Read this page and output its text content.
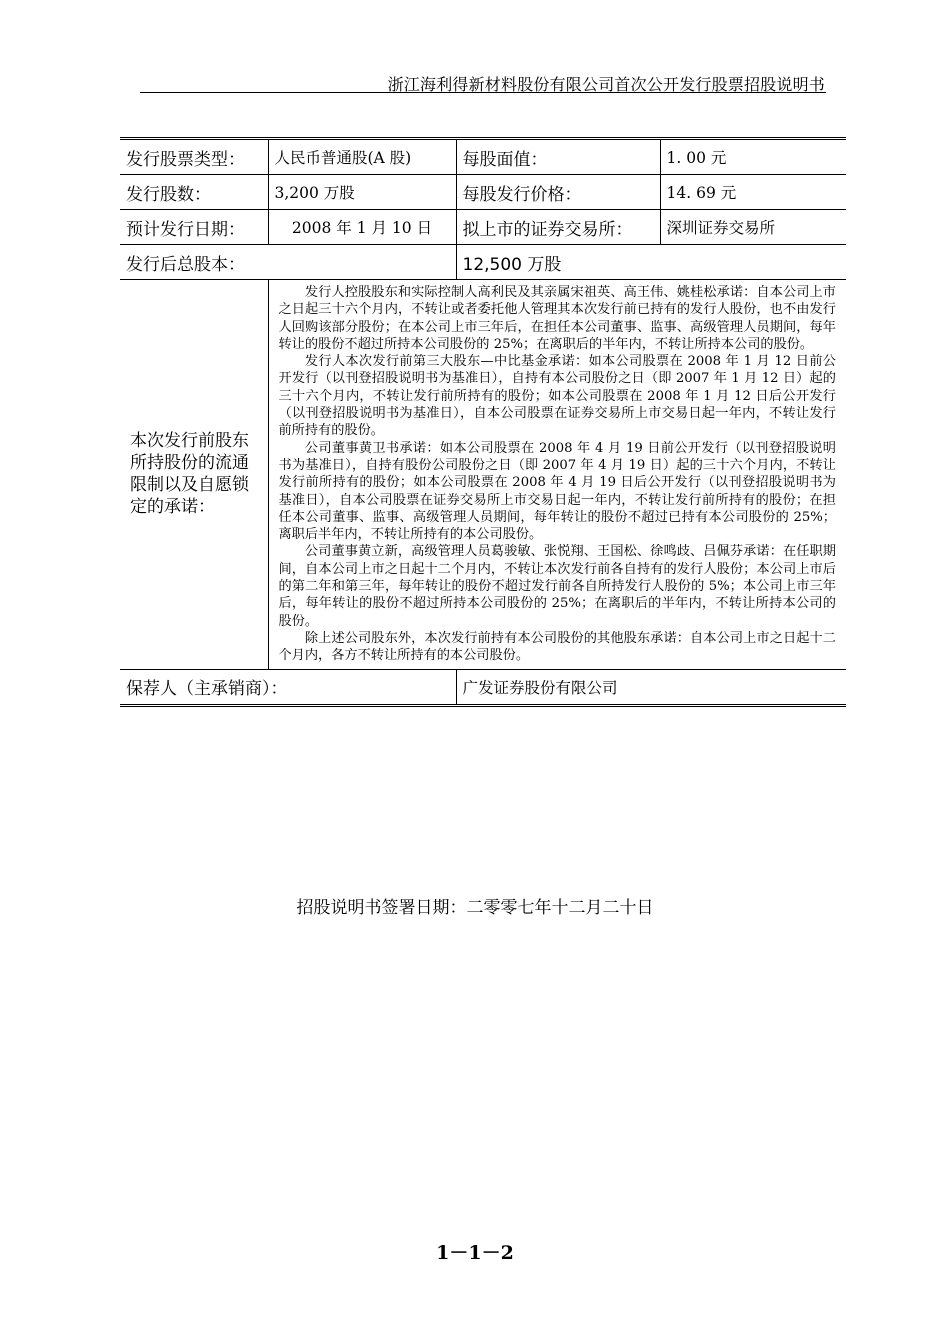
浙江海利得新材料股份有限公司首次公开发行股票招股说明书
发行股票类型：	人民币普通股(A 股)	每股面值：	1. 00 元
发行股数：	3,200 万股	每股发行价格：	14. 69 元
预计发行日期：	2008 年 1 月 10 日	拟上市的证券交易所：	深圳证券交易所
发行后总股本：		12,500 万股	
本次发行前股东所持股份的流通限制以及自愿锁定的承诺：	发行人控股股东和实际控制人高利民及其亲属宋祖英、高王伟、姚桂松承诺：自本公司上市之日起三十六个月内，不转让或者委托他人管理其本次发行前已持有的发行人股份，也不由发行人回购该部分股份；在本公司上市三年后，在担任本公司董事、监事、高级管理人员期间，每年转让的股份不超过所持本公司股份的 25%；在离职后的半年内，不转让所持本公司的股份。

发行人本次发行前第三大股东—中比基金承诺：如本公司股票在 2008 年 1 月 12 日前公开发行（以刊登招股说明书为基准日），自持有本公司股份之日（即 2007 年 1 月 12 日）起的三十六个月内，不转让发行前所持有的股份；如本公司股票在 2008 年 1 月 12 日后公开发行（以刊登招股说明书为基准日），自本公司股票在证券交易所上市交易日起一年内，不转让发行前所持有的股份。

公司董事黄卫书承诺：如本公司股票在 2008 年 4 月 19 日前公开发行（以刊登招股说明书为基准日），自持有股份公司股份之日（即 2007 年 4 月 19 日）起的三十六个月内，不转让发行前所持有的股份；如本公司股票在 2008 年 4 月 19 日后公开发行（以刊登招股说明书为基准日），自本公司股票在证券交易所上市交易日起一年内，不转让发行前所持有的股份；在担任本公司董事、监事、高级管理人员期间，每年转让的股份不超过已持有本公司股份的 25%；离职后半年内，不转让所持有的本公司股份。

公司董事黄立新，高级管理人员葛骏敏、张悦翔、王国松、徐鸣歧、吕佩芬承诺：在任职期间，自本公司上市之日起十二个月内，不转让本次发行前各自持有的发行人股份；本公司上市后的第二年和第三年，每年转让的股份不超过发行前各自所持发行人股份的 5%；本公司上市三年后，每年转让的股份不超过所持本公司股份的 25%；在离职后的半年内，不转让所持本公司的股份。

除上述公司股东外，本次发行前持有本公司股份的其他股东承诺：自本公司上市之日起十二个月内，各方不转让所持有的本公司股份。		

保荐人（主承销商）：		广发证券股份有限公司	
招股说明书签署日期：二零零七年十二月二十日
1－1－2
